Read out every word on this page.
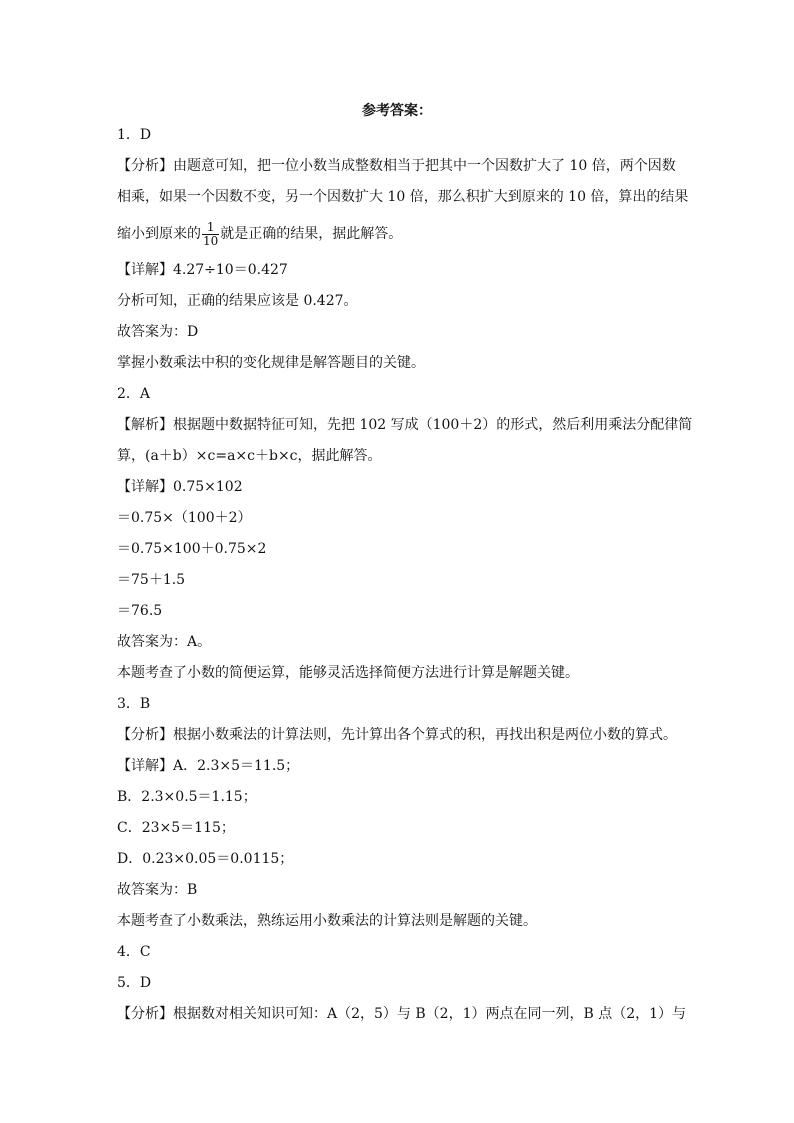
参考答案：
1．D
【分析】由题意可知，把一位小数当成整数相当于把其中一个因数扩大了 10 倍，两个因数
相乘，如果一个因数不变，另一个因数扩大 10 倍，那么积扩大到原来的 10 倍，算出的结果
缩小到原来的 $\frac{1}{10}$ 就是正确的结果，据此解答。
【详解】4.27÷10＝0.427
分析可知，正确的结果应该是 0.427。
故答案为：D
掌握小数乘法中积的变化规律是解答题目的关键。
2．A
【解析】根据题中数据特征可知，先把 102 写成（100＋2）的形式，然后利用乘法分配律简
算，(a＋b）×c=a×c＋b×c，据此解答。
【详解】0.75×102
＝0.75×（100＋2）
＝0.75×100＋0.75×2
＝75＋1.5
＝76.5
故答案为：A。
本题考查了小数的简便运算，能够灵活选择简便方法进行计算是解题关键。
3．B
【分析】根据小数乘法的计算法则，先计算出各个算式的积，再找出积是两位小数的算式。
【详解】A．2.3×5＝11.5；
B．2.3×0.5＝1.15；
C．23×5＝115；
D．0.23×0.05＝0.0115；
故答案为：B
本题考查了小数乘法，熟练运用小数乘法的计算法则是解题的关键。
4．C
5．D
【分析】根据数对相关知识可知：A（2，5）与 B（2，1）两点在同一列，B 点（2，1）与
